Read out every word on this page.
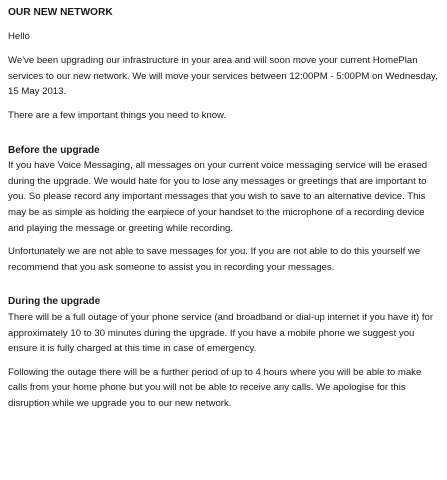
OUR NEW NETWORK
Hello

We've been upgrading our infrastructure in your area and will soon move your current HomePlan services to our new network. We will move your services between 12:00PM - 5:00PM on Wednesday, 15 May 2013.

There are a few important things you need to know.

Before the upgrade

If you have Voice Messaging, all messages on your current voice messaging service will be erased during the upgrade. We would hate for you to lose any messages or greetings that are important to you. So please record any important messages that you wish to save to an alternative device. This may be as simple as holding the earpiece of your handset to the microphone of a recording device and playing the message or greeting while recording.

Unfortunately we are not able to save messages for you. If you are not able to do this yourself we recommend that you ask someone to assist you in recording your messages.

During the upgrade

There will be a full outage of your phone service (and broadband or dial-up internet if you have it) for approximately 10 to 30 minutes during the upgrade. If you have a mobile phone we suggest you ensure it is fully charged at this time in case of emergency.

Following the outage there will be a further period of up to 4 hours where you will be able to make calls from your home phone but you will not be able to receive any calls. We apologise for this disruption while we upgrade you to our new network.
